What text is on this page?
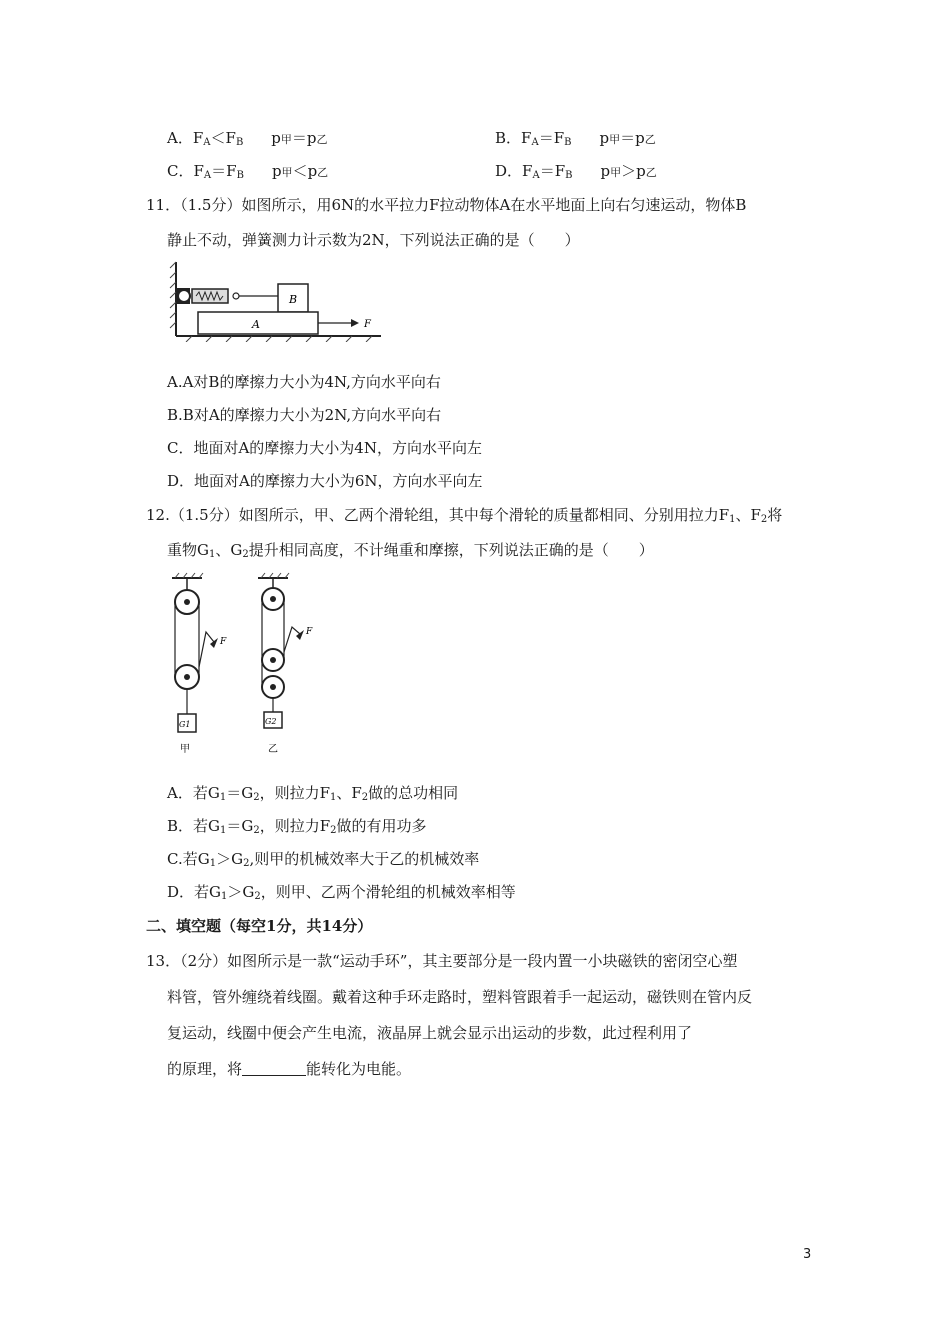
A．$F_A<F_B$ p甲＝p乙	B．$F_A=F_B$ p甲＝p乙
C．$F_A=F_B$ p甲＜p乙	D．$F_A=F_B$ p甲＞p乙
11．（1.5分）如图所示，用6N的水平拉力F拉动物体A在水平地面上向右匀速运动，物体B
静止不动，弹簧测力计示数为2N，下列说法正确的是（　　）
B
A	F
A.A对B的摩擦力大小为4N,方向水平向右
B.B对A的摩擦力大小为2N,方向水平向右
C．地面对A的摩擦力大小为4N，方向水平向左
D．地面对A的摩擦力大小为6N，方向水平向左
12.（1.5分）如图所示，甲、乙两个滑轮组，其中每个滑轮的质量都相同、分别用拉力$F_1$、$F_2$将
重物$G_1$、$G_2$提升相同高度，不计绳重和摩擦，下列说法正确的是（　　）
F
G1
甲
F
G2
乙
A．若$G_1=G_2$，则拉力$F_1$、$F_2$做的总功相同
B．若$G_1=G_2$，则拉力$F_2$做的有用功多
C.若$G_1>G_2$,则甲的机械效率大于乙的机械效率
D．若$G_1>G_2$，则甲、乙两个滑轮组的机械效率相等
二、填空题（每空1分，共14分）
13．（2分）如图所示是一款“运动手环”，其主要部分是一段内置一小块磁铁的密闭空心塑
料管，管外缠绕着线圈。戴着这种手环走路时，塑料管跟着手一起运动，磁铁则在管内反
复运动，线圈中便会产生电流，液晶屏上就会显示出运动的步数，此过程利用了
的原理，将	能转化为电能。
3
